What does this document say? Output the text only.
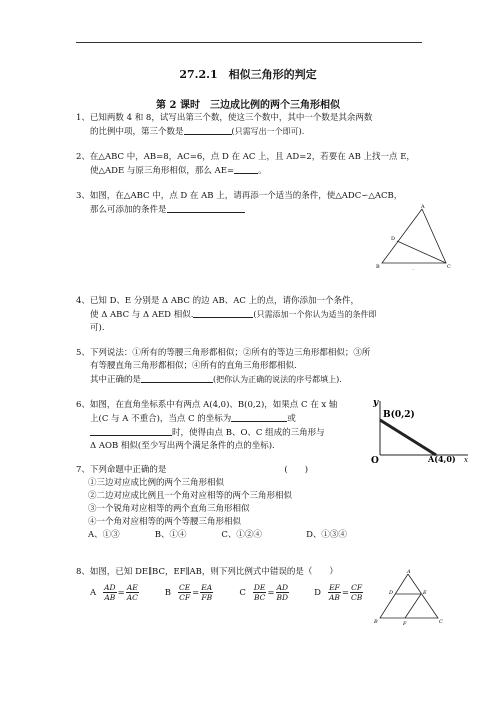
27.2.1　相似三角形的判定
第 2 课时　三边成比例的两个三角形相似
1、已知两数 4 和 8，试写出第三个数，使这三个数中，其中一个数是其余两数
的比例中项，第三个数是	(只需写出一个即可).
2、在△ABC 中，AB=8，AC=6，点 D 在 AC 上，且 AD=2，若要在 AB 上找一点 E，
使△ADE 与原三角形相似，那么 AE=	。
3、如图，在△ABC 中，点 D 在 AB 上，请再添一个适当的条件，使△ADC∽△ACB，
那么可添加的条件是	A
B	C
D
‥
4、已知 D、E 分别是 Δ ABC 的边 AB、AC 上的点，请你添加一个条件，
使 Δ ABC 与 Δ AED 相似.	(只需添加一个你认为适当的条件即
可).
5、下列说法：①所有的等腰三角形都相似；②所有的等边三角形都相似；③所
有等腰直角三角形都相似；④所有的直角三角形都相似.
其中正确的是	(把你认为正确的说法的序号都填上).
6、如图，在直角坐标系中有两点 A(4,0)、B(0,2)，如果点 C 在 x 轴
上(C 与 A 不重合)，当点 C 的坐标为	或
时，使得由点 B、O、C 组成的三角形与
Δ AOB 相似(至少写出两个满足条件的点的坐标).
y
B(0,2)
O	A(4,0) x
7、下列命题中正确的是	(　　)
①三边对应成比例的两个三角形相似
②二边对应成比例且一个角对应相等的两个三角形相似
③一个锐角对应相等的两个直角三角形相似
④一个角对应相等的两个等腰三角形相似
A、①③	B、①④	C、①②④	D、①③④
8、如图，已知 DE∥BC，EF∥AB，则下列比例式中错误的是（　　）
A $\frac{AD}{AB} = \frac{AE}{AC}$	B $\frac{CE}{CF} = \frac{EA}{FB}$	C $\frac{DE}{BC} = \frac{AD}{BD}$	D $\frac{EF}{AB} = \frac{CF}{CB}$
A
B	C
D	E
F
